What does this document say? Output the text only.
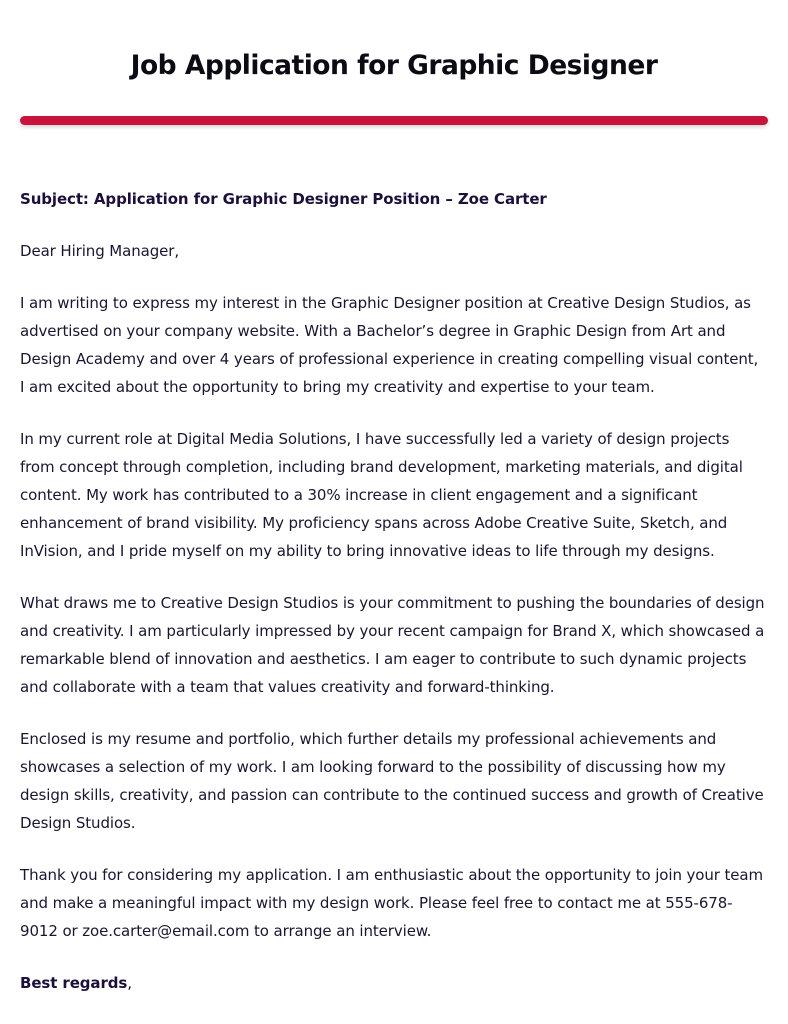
Job Application for Graphic Designer

Subject: Application for Graphic Designer Position – Zoe Carter

Dear Hiring Manager,

I am writing to express my interest in the Graphic Designer position at Creative Design Studios, as advertised on your company website. With a Bachelor’s degree in Graphic Design from Art and Design Academy and over 4 years of professional experience in creating compelling visual content, I am excited about the opportunity to bring my creativity and expertise to your team.

In my current role at Digital Media Solutions, I have successfully led a variety of design projects from concept through completion, including brand development, marketing materials, and digital content. My work has contributed to a 30% increase in client engagement and a significant enhancement of brand visibility. My proficiency spans across Adobe Creative Suite, Sketch, and InVision, and I pride myself on my ability to bring innovative ideas to life through my designs.

What draws me to Creative Design Studios is your commitment to pushing the boundaries of design and creativity. I am particularly impressed by your recent campaign for Brand X, which showcased a remarkable blend of innovation and aesthetics. I am eager to contribute to such dynamic projects and collaborate with a team that values creativity and forward-thinking.

Enclosed is my resume and portfolio, which further details my professional achievements and showcases a selection of my work. I am looking forward to the possibility of discussing how my design skills, creativity, and passion can contribute to the continued success and growth of Creative Design Studios.

Thank you for considering my application. I am enthusiastic about the opportunity to join your team and make a meaningful impact with my design work. Please feel free to contact me at 555-678-9012 or zoe.carter@email.com to arrange an interview.

Best regards,
